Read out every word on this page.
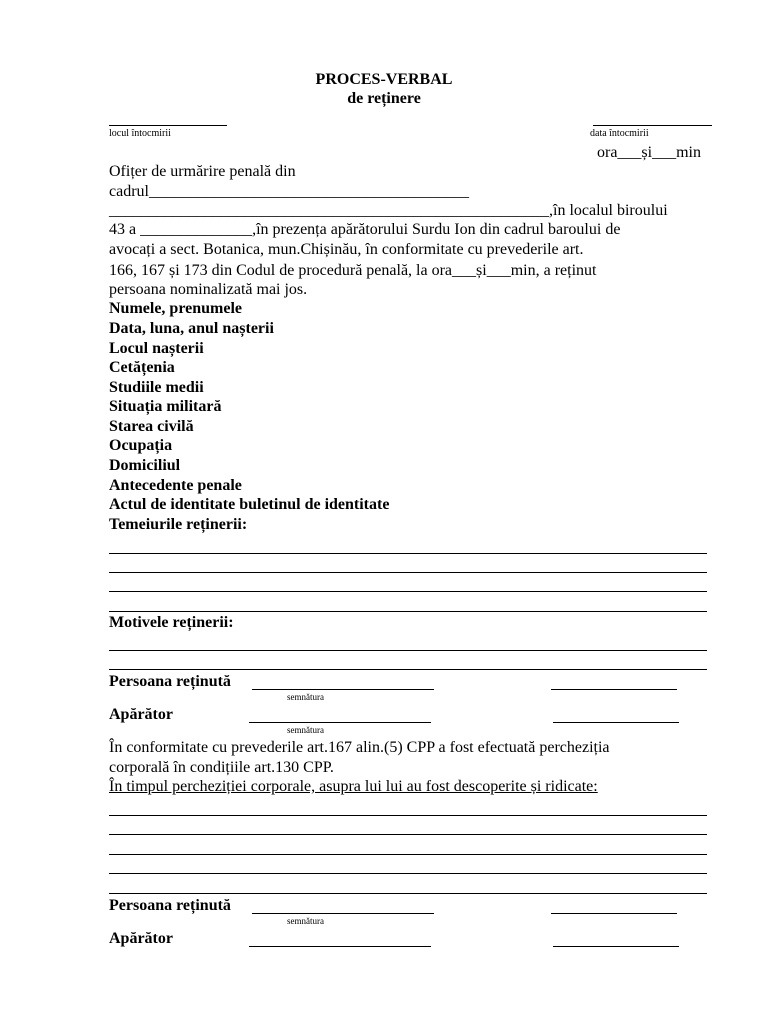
PROCES-VERBAL
de reținere
locul întocmirii	data întocmirii
ora___și___min
Ofițer de urmărire penală din
cadrul________________________________________
_______________________________________________________,în localul biroului
43 a ______________,în prezența apărătorului Surdu Ion din cadrul baroului de
avocați a sect. Botanica, mun.Chișinău, în conformitate cu prevederile art.
166, 167 și 173 din Codul de procedură penală, la ora___și___min, a reținut
persoana nominalizată mai jos.
Numele, prenumele
Data, luna, anul nașterii
Locul nașterii
Cetățenia
Studiile medii
Situația militară
Starea civilă
Ocupația
Domiciliul
Antecedente penale
Actul de identitate buletinul de identitate
Temeiurile reținerii:
Motivele reținerii:
Persoana reținută
semnătura
Apărător
semnătura
În conformitate cu prevederile art.167 alin.(5) CPP a fost efectuată percheziția
corporală în condițiile art.130 CPP.
În timpul percheziției corporale, asupra lui lui au fost descoperite și ridicate:
Persoana reținută
semnătura
Apărător
